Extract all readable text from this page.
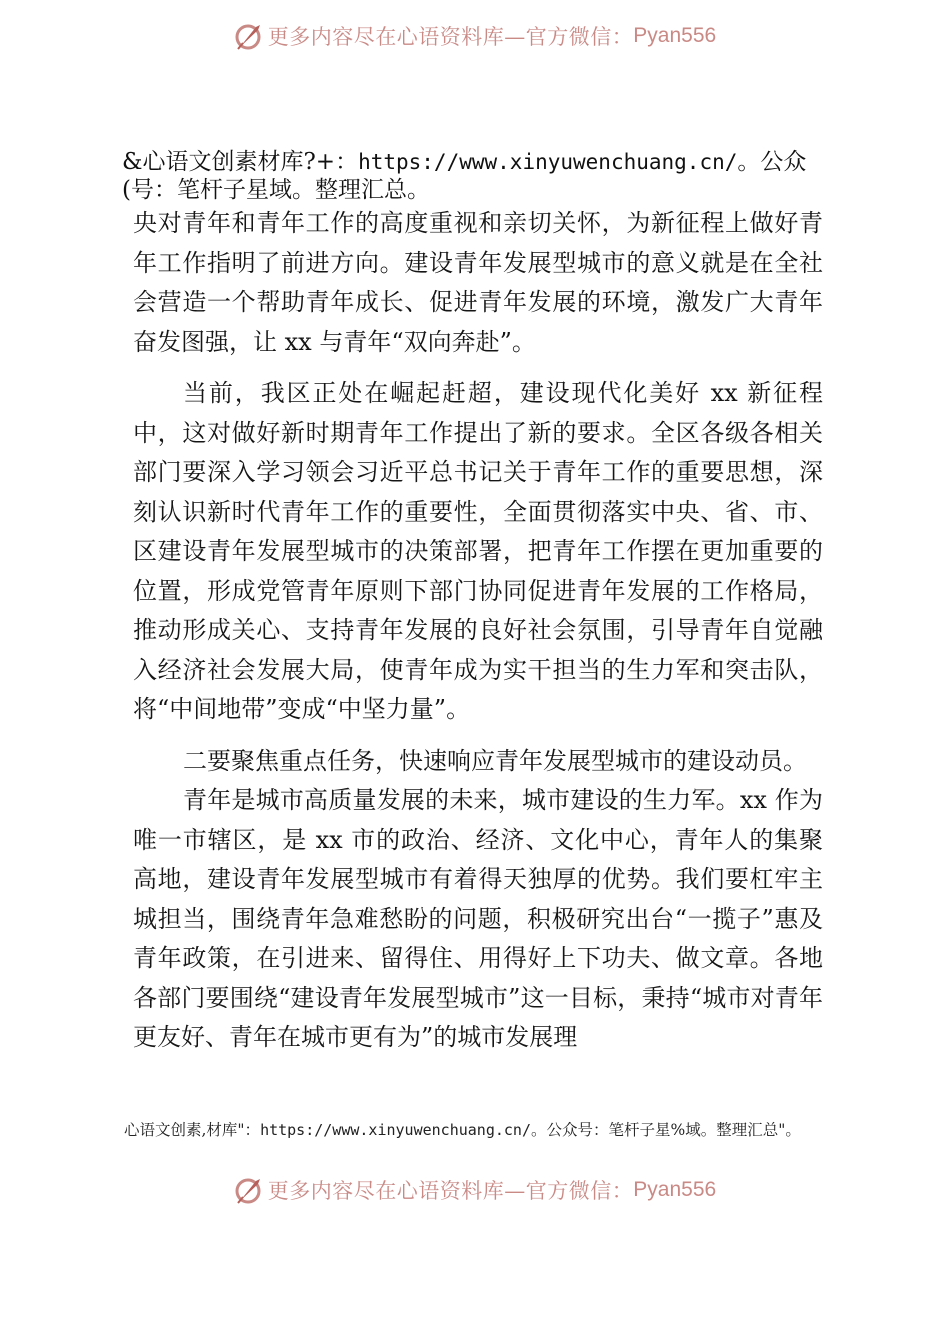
更多内容尽在心语资料库—官方微信： Pyan556
&心语文创素材库?+：https://www.xinyuwenchuang.cn/。公众(号：笔杆子星域。整理汇总。

央对青年和青年工作的高度重视和亲切关怀，为新征程上做好青年工作指明了前进方向。建设青年发展型城市的意义就是在全社会营造一个帮助青年成长、促进青年发展的环境，激发广大青年奋发图强，让 xx 与青年“双向奔赴”。

当前，我区正处在崛起赶超，建设现代化美好 xx 新征程中，这对做好新时期青年工作提出了新的要求。全区各级各相关部门要深入学习领会习近平总书记关于青年工作的重要思想，深刻认识新时代青年工作的重要性，全面贯彻落实中央、省、市、区建设青年发展型城市的决策部署，把青年工作摆在更加重要的位置，形成党管青年原则下部门协同促进青年发展的工作格局，推动形成关心、支持青年发展的良好社会氛围，引导青年自觉融入经济社会发展大局，使青年成为实干担当的生力军和突击队，将“中间地带”变成“中坚力量”。

二要聚焦重点任务，快速响应青年发展型城市的建设动员。

青年是城市高质量发展的未来，城市建设的生力军。xx 作为唯一市辖区，是 xx 市的政治、经济、文化中心，青年人的集聚高地，建设青年发展型城市有着得天独厚的优势。我们要杠牢主城担当，围绕青年急难愁盼的问题，积极研究出台“一揽子”惠及青年政策，在引进来、留得住、用得好上下功夫、做文章。各地各部门要围绕“建设青年发展型城市”这一目标，秉持“城市对青年更友好、青年在城市更有为”的城市发展理

心语文创素,材库"：https://www.xinyuwenchuang.cn/。公众号：笔杆子星%域。整理汇总"。
更多内容尽在心语资料库—官方微信： Pyan556
